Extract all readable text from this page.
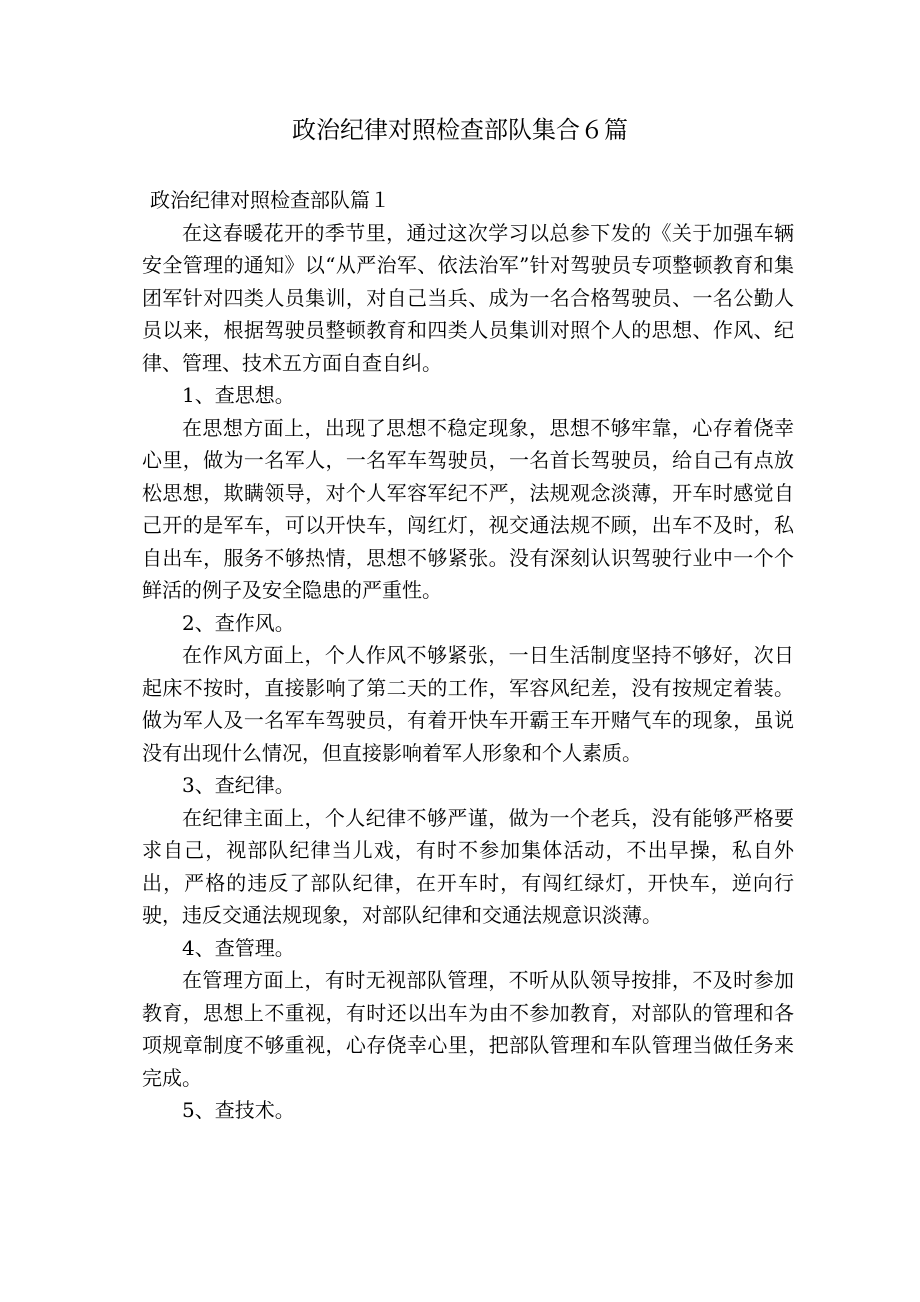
政治纪律对照检查部队集合６篇

政治纪律对照检查部队篇１

在这春暖花开的季节里，通过这次学习以总参下发的《关于加强车辆安全管理的通知》以“从严治军、依法治军”针对驾驶员专项整顿教育和集团军针对四类人员集训，对自己当兵、成为一名合格驾驶员、一名公勤人员以来，根据驾驶员整顿教育和四类人员集训对照个人的思想、作风、纪律、管理、技术五方面自查自纠。

1、查思想。

在思想方面上，出现了思想不稳定现象，思想不够牢靠，心存着侥幸心里，做为一名军人，一名军车驾驶员，一名首长驾驶员，给自己有点放松思想，欺瞒领导，对个人军容军纪不严，法规观念淡薄，开车时感觉自己开的是军车，可以开快车，闯红灯，视交通法规不顾，出车不及时，私自出车，服务不够热情，思想不够紧张。没有深刻认识驾驶行业中一个个鲜活的例子及安全隐患的严重性。

2、查作风。

在作风方面上，个人作风不够紧张，一日生活制度坚持不够好，次日起床不按时，直接影响了第二天的工作，军容风纪差，没有按规定着装。做为军人及一名军车驾驶员，有着开快车开霸王车开赌气车的现象，虽说没有出现什么情况，但直接影响着军人形象和个人素质。

3、查纪律。

在纪律主面上，个人纪律不够严谨，做为一个老兵，没有能够严格要求自己，视部队纪律当儿戏，有时不参加集体活动，不出早操，私自外出，严格的违反了部队纪律，在开车时，有闯红绿灯，开快车，逆向行驶，违反交通法规现象，对部队纪律和交通法规意识淡薄。

4、查管理。

在管理方面上，有时无视部队管理，不听从队领导按排，不及时参加教育，思想上不重视，有时还以出车为由不参加教育，对部队的管理和各项规章制度不够重视，心存侥幸心里，把部队管理和车队管理当做任务来完成。

5、查技术。
